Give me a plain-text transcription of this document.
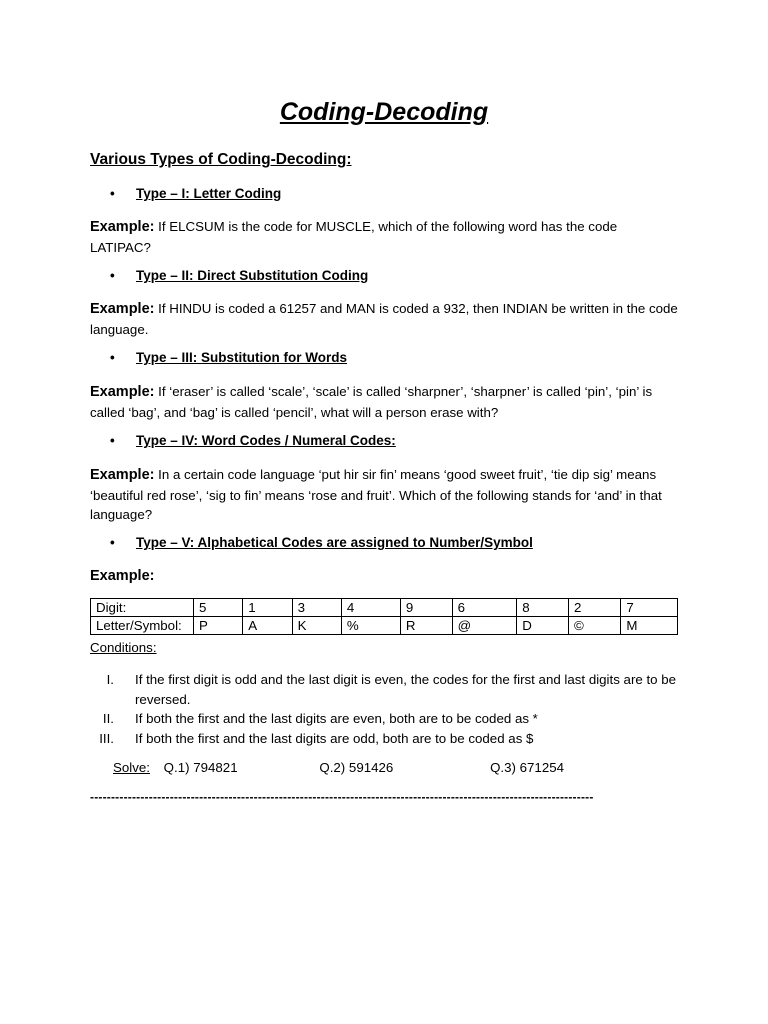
Coding-Decoding
Various Types of Coding-Decoding:
• Type – I: Letter Coding
Example: If ELCSUM is the code for MUSCLE, which of the following word has the code LATIPAC?
• Type – II: Direct Substitution Coding
Example: If HINDU is coded a 61257 and MAN is coded a 932, then INDIAN be written in the code language.
• Type – III: Substitution for Words
Example: If ‘eraser’ is called ‘scale’, ‘scale’ is called ‘sharpner’, ‘sharpner’ is called ‘pin’, ‘pin’ is called ‘bag’, and ‘bag’ is called ‘pencil’, what will a person erase with?
• Type – IV: Word Codes / Numeral Codes:
Example: In a certain code language ‘put hir sir fin’ means ‘good sweet fruit’, ‘tie dip sig’ means ‘beautiful red rose’, ‘sig to fin’ means ‘rose and fruit’. Which of the following stands for ‘and’ in that language?
• Type – V: Alphabetical Codes are assigned to Number/Symbol
Example:
Digit:	5	1	3	4	9	6	8	2	7
Letter/Symbol:	P	A	K	%	R	@	D	©	M
Conditions:
I. If the first digit is odd and the last digit is even, the codes for the first and last digits are to be reversed.
II. If both the first and the last digits are even, both are to be coded as *
III. If both the first and the last digits are odd, both are to be coded as $
Solve: Q.1) 794821	Q.2) 591426	Q.3) 671254
------------------------------------------------------------------------------------------------------------------------
